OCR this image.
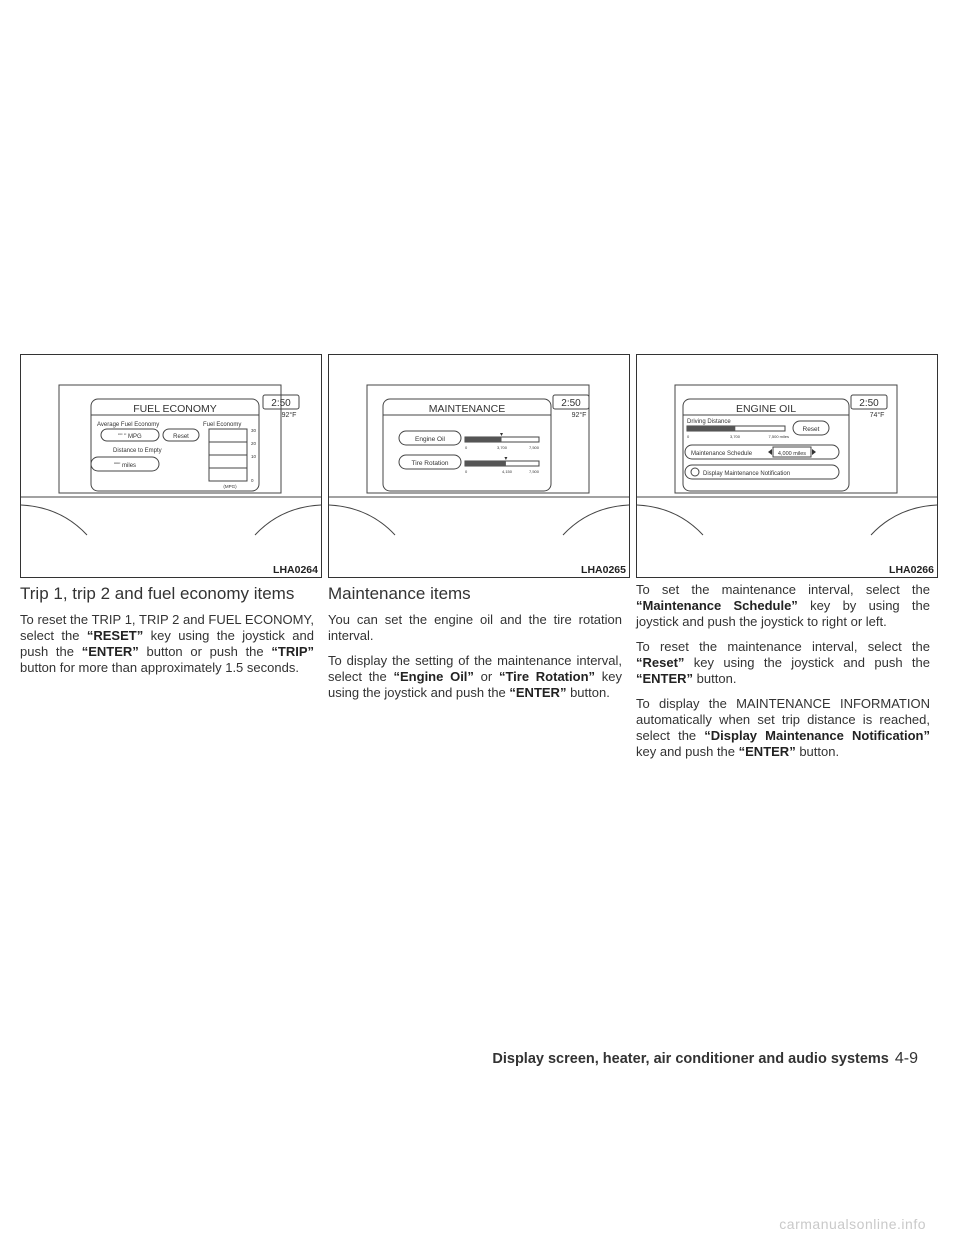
FUEL ECONOMY	2:50
92°F
Average Fuel Economy	Fuel Economy
"" " MPG	Reset
Distance to Empty
""" miles
30
20
10
0
(MPG)
LHA0264
MAINTENANCE	2:50
92°F
Engine Oil
0	3,700	7,500
Tire Rotation
0	4,150	7,500
LHA0265
ENGINE OIL	2:50
74°F
Driving Distance
0	3,700	7,500 miles
Reset
Maintenance Schedule	4,000 miles
Display Maintenance Notification
LHA0266
Trip 1, trip 2 and fuel economy items

To reset the TRIP 1, TRIP 2 and FUEL ECONOMY, select the “RESET” key using the joystick and push the “ENTER” button or push the “TRIP” button for more than approximately 1.5 seconds.

Maintenance items

You can set the engine oil and the tire rotation interval.

To display the setting of the maintenance interval, select the “Engine Oil” or “Tire Rotation” key using the joystick and push the “ENTER” button.

To set the maintenance interval, select the “Maintenance Schedule” key by using the joystick and push the joystick to right or left.

To reset the maintenance interval, select the “Reset” key using the joystick and push the “ENTER” button.

To display the MAINTENANCE INFORMATION automatically when set trip distance is reached, select the “Display Maintenance Notification” key and push the “ENTER” button.

Display screen, heater, air conditioner and audio systems 4-9
carmanualsonline.info
